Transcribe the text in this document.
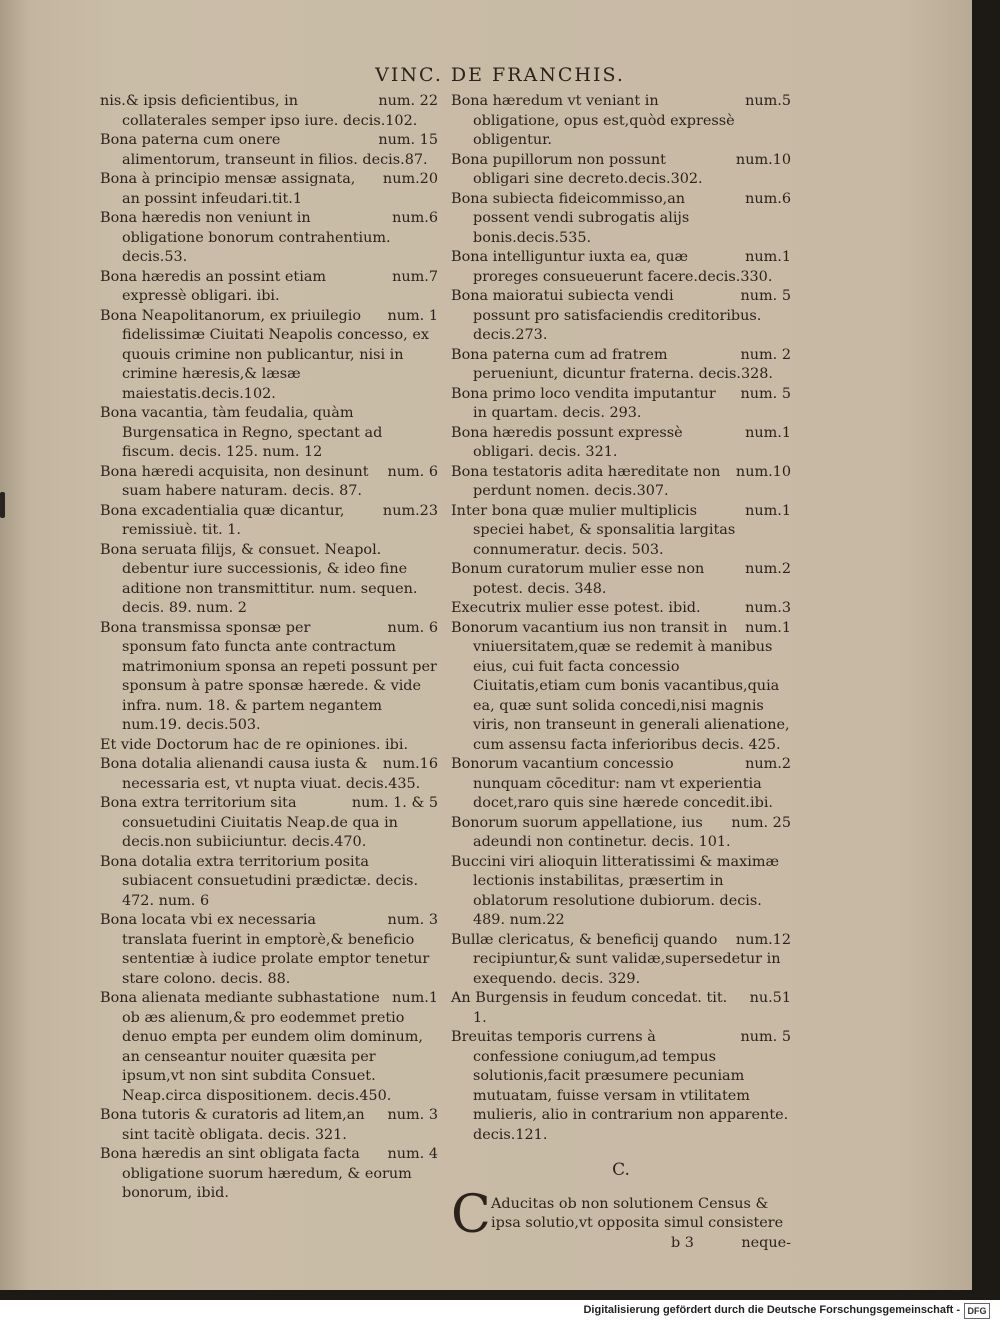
VINC. DE FRANCHIS.
num. 22
nis.& ipsis deficientibus, in collaterales semper ipso iure. decis.102.
num. 15
Bona paterna cum onere alimentorum, transeunt in filios. decis.87.
num.20
Bona à principio mensæ assignata, an possint infeudari.tit.1
num.6
Bona hæredis non veniunt in obligatione bonorum contrahentium. decis.53.
num.7
Bona hæredis an possint etiam expressè obligari. ibi.
num. 1
Bona Neapolitanorum, ex priuilegio fidelissimæ Ciuitati Neapolis concesso, ex quouis crimine non publicantur, nisi in crimine hæresis,& læsæ maiestatis.decis.102.
Bona vacantia, tàm feudalia, quàm Burgensatica in Regno, spectant ad fiscum. decis. 125. num. 12
num. 6
Bona hæredi acquisita, non desinunt suam habere naturam. decis. 87.
num.23
Bona excadentialia quæ dicantur, remissiuè. tit. 1.
Bona seruata filijs, & consuet. Neapol. debentur iure successionis, & ideo fine aditione non transmittitur. num. sequen. decis. 89. num. 2
num. 6
Bona transmissa sponsæ per sponsum fato functa ante contractum matrimonium sponsa an repeti possunt per sponsum à patre sponsæ hærede. & vide infra. num. 18. & partem negantem num.19. decis.503.
Et vide Doctorum hac de re opiniones. ibi.
num.16
Bona dotalia alienandi causa iusta & necessaria est, vt nupta viuat. decis.435.
num. 1. & 5
Bona extra territorium sita consuetudini Ciuitatis Neap.de qua in decis.non subiiciuntur. decis.470.
Bona dotalia extra territorium posita subiacent consuetudini prædictæ. decis. 472. num. 6
num. 3
Bona locata vbi ex necessaria translata fuerint in emptorè,& beneficio sententiæ à iudice prolate emptor tenetur stare colono. decis. 88.
num.1
Bona alienata mediante subhastatione ob æs alienum,& pro eodemmet pretio denuo empta per eundem olim dominum, an censeantur nouiter quæsita per ipsum,vt non sint subdita Consuet. Neap.circa dispositionem. decis.450.
num. 3
Bona tutoris & curatoris ad litem,an sint tacitè obligata. decis. 321.
num. 4
Bona hæredis an sint obligata facta obligatione suorum hæredum, & eorum bonorum, ibid.
num.5
Bona hæredum vt veniant in obligatione, opus est,quòd expressè obligentur.
num.10
Bona pupillorum non possunt obligari sine decreto.decis.302.
num.6
Bona subiecta fideicommisso,an possent vendi subrogatis alijs bonis.decis.535.
num.1
Bona intelliguntur iuxta ea, quæ proreges consueuerunt facere.decis.330.
num. 5
Bona maioratui subiecta vendi possunt pro satisfaciendis creditoribus. decis.273.
num. 2
Bona paterna cum ad fratrem perueniunt, dicuntur fraterna. decis.328.
num. 5
Bona primo loco vendita imputantur in quartam. decis. 293.
num.1
Bona hæredis possunt expressè obligari. decis. 321.
num.10
Bona testatoris adita hæreditate non perdunt nomen. decis.307.
num.1
Inter bona quæ mulier multiplicis speciei habet, & sponsalitia largitas connumeratur. decis. 503.
num.2
Bonum curatorum mulier esse non potest. decis. 348.
num.3
Executrix mulier esse potest. ibid.
num.1
Bonorum vacantium ius non transit in vniuersitatem,quæ se redemit à manibus eius, cui fuit facta concessio Ciuitatis,etiam cum bonis vacantibus,quia ea, quæ sunt solida concedi,nisi magnis viris, non transeunt in generali alienatione, cum assensu facta inferioribus decis. 425.
num.2
Bonorum vacantium concessio nunquam cōceditur: nam vt experientia docet,raro quis sine hærede concedit.ibi.
num. 25
Bonorum suorum appellatione, ius adeundi non continetur. decis. 101.
Buccini viri alioquin litteratissimi & maximæ lectionis instabilitas, præsertim in oblatorum resolutione dubiorum. decis. 489. num.22
num.12
Bullæ clericatus, & beneficij quando recipiuntur,& sunt validæ,supersedetur in exequendo. decis. 329.
nu.51
An Burgensis in feudum concedat. tit. 1.
num. 5
Breuitas temporis currens à confessione coniugum,ad tempus solutionis,facit præsumere pecuniam mutuatam, fuisse versam in vtilitatem mulieris, alio in contrarium non apparente. decis.121.
C.
C Aducitas ob non solutionem Census &
ipsa solutio,vt opposita simul consistere
b 3	neque-
Digitalisierung gefördert durch die Deutsche Forschungsgemeinschaft - DFG
